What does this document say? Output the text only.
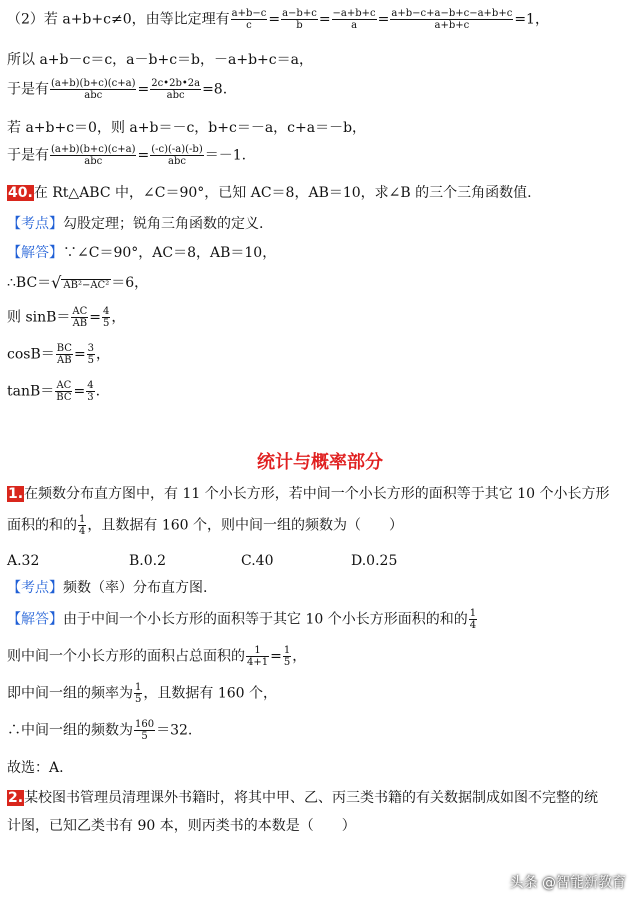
（2）若 a+b+c≠0，由等比定理有 $\frac{a+b-c}{c} = \frac{a-b+c}{b} = \frac{-a+b+c}{a} = \frac{a+b-c+a-b+c-a+b+c}{a+b+c} =1$，
所以 a+b－c＝c，a－b+c＝b，－a+b+c＝a，
于是有 $\frac{(a+b)(b+c)(c+a)}{\text{abc}} = \frac{2c•2b•2a}{\text{abc}} =8$.
若 a+b+c＝0，则 a+b＝－c，b+c＝－a，c+a＝－b，
于是有 $\frac{(a+b)(b+c)(c+a)}{\text{abc}} = \frac{(-c)(-a)(-b)}{\text{abc}} =-1$.
40.在 Rt△ABC 中，∠C＝90°，已知 AC＝8，AB＝10，求∠B 的三个三角函数值.
【考点】勾股定理；锐角三角函数的定义.
【解答】∵∠C＝90°，AC＝8，AB＝10，
∴BC＝√ AB²−AC² ＝6，
则 $\sin B= \frac{AC}{AB} = \frac{4}{5}$ ，
$\cos B= \frac{BC}{AB} = \frac{3}{5}$ ，
$\tan B= \frac{AC}{BC} = \frac{4}{3}$ .
统计与概率部分
1.在频数分布直方图中，有 11 个小长方形，若中间一个小长方形的面积等于其它 10 个小长方形
面积的和的 $\frac{1}{4}$ ，且数据有 160 个，则中间一组的频数为（　　）
A.32	B.0.2	C.40	D.0.25
【考点】频数（率）分布直方图.
【解答】由于中间一个小长方形的面积等于其它 10 个小长方形面积的和的 $\frac{1}{4}$
则中间一个小长方形的面积占总面积的 $\frac{1}{4+1} = \frac{1}{5}$ ，
即中间一组的频率为 $\frac{1}{5}$ ，且数据有 160 个，
∴中间一组的频数为 $\frac{160}{5} =32$.
故选：A.
2.某校图书管理员清理课外书籍时，将其中甲、乙、丙三类书籍的有关数据制成如图不完整的统
计图，已知乙类书有 90 本，则丙类书的本数是（　　）
头条 @智能新教育
